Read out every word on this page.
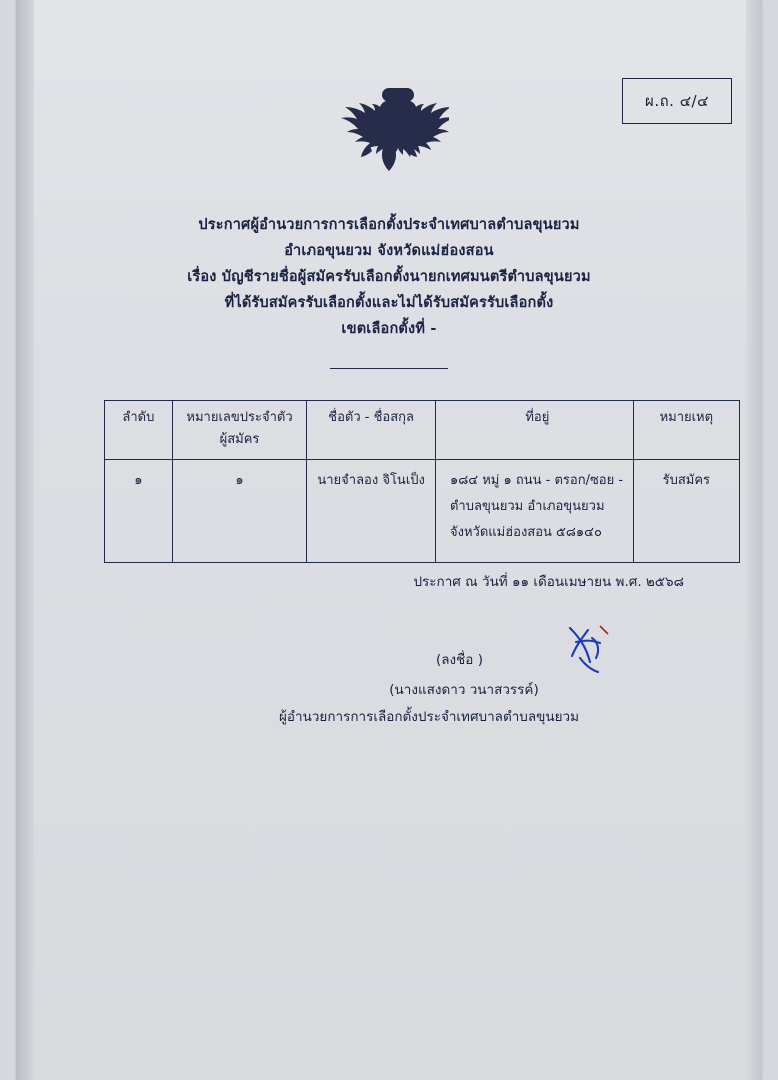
ผ.ถ. ๔/๔
ประกาศผู้อำนวยการการเลือกตั้งประจำเทศบาลตำบลขุนยวม
อำเภอขุนยวม จังหวัดแม่ฮ่องสอน
เรื่อง บัญชีรายชื่อผู้สมัครรับเลือกตั้งนายกเทศมนตรีตำบลขุนยวม
ที่ได้รับสมัครรับเลือกตั้งและไม่ได้รับสมัครรับเลือกตั้ง
เขตเลือกตั้งที่ -
ลำดับ	หมายเลขประจำตัว
ผู้สมัคร	ชื่อตัว - ชื่อสกุล	ที่อยู่	หมายเหตุ
๑	๑	นายจำลอง จิโนเป็ง	๑๘๔ หมู่ ๑ ถนน - ตรอก/ซอย -
ตำบลขุนยวม อำเภอขุนยวม
จังหวัดแม่ฮ่องสอน ๕๘๑๔๐	รับสมัคร
ประกาศ ณ วันที่ ๑๑ เดือนเมษายน พ.ศ. ๒๕๖๘
(ลงชื่อ )
(นางแสงดาว วนาสวรรค์)
ผู้อำนวยการการเลือกตั้งประจำเทศบาลตำบลขุนยวม
